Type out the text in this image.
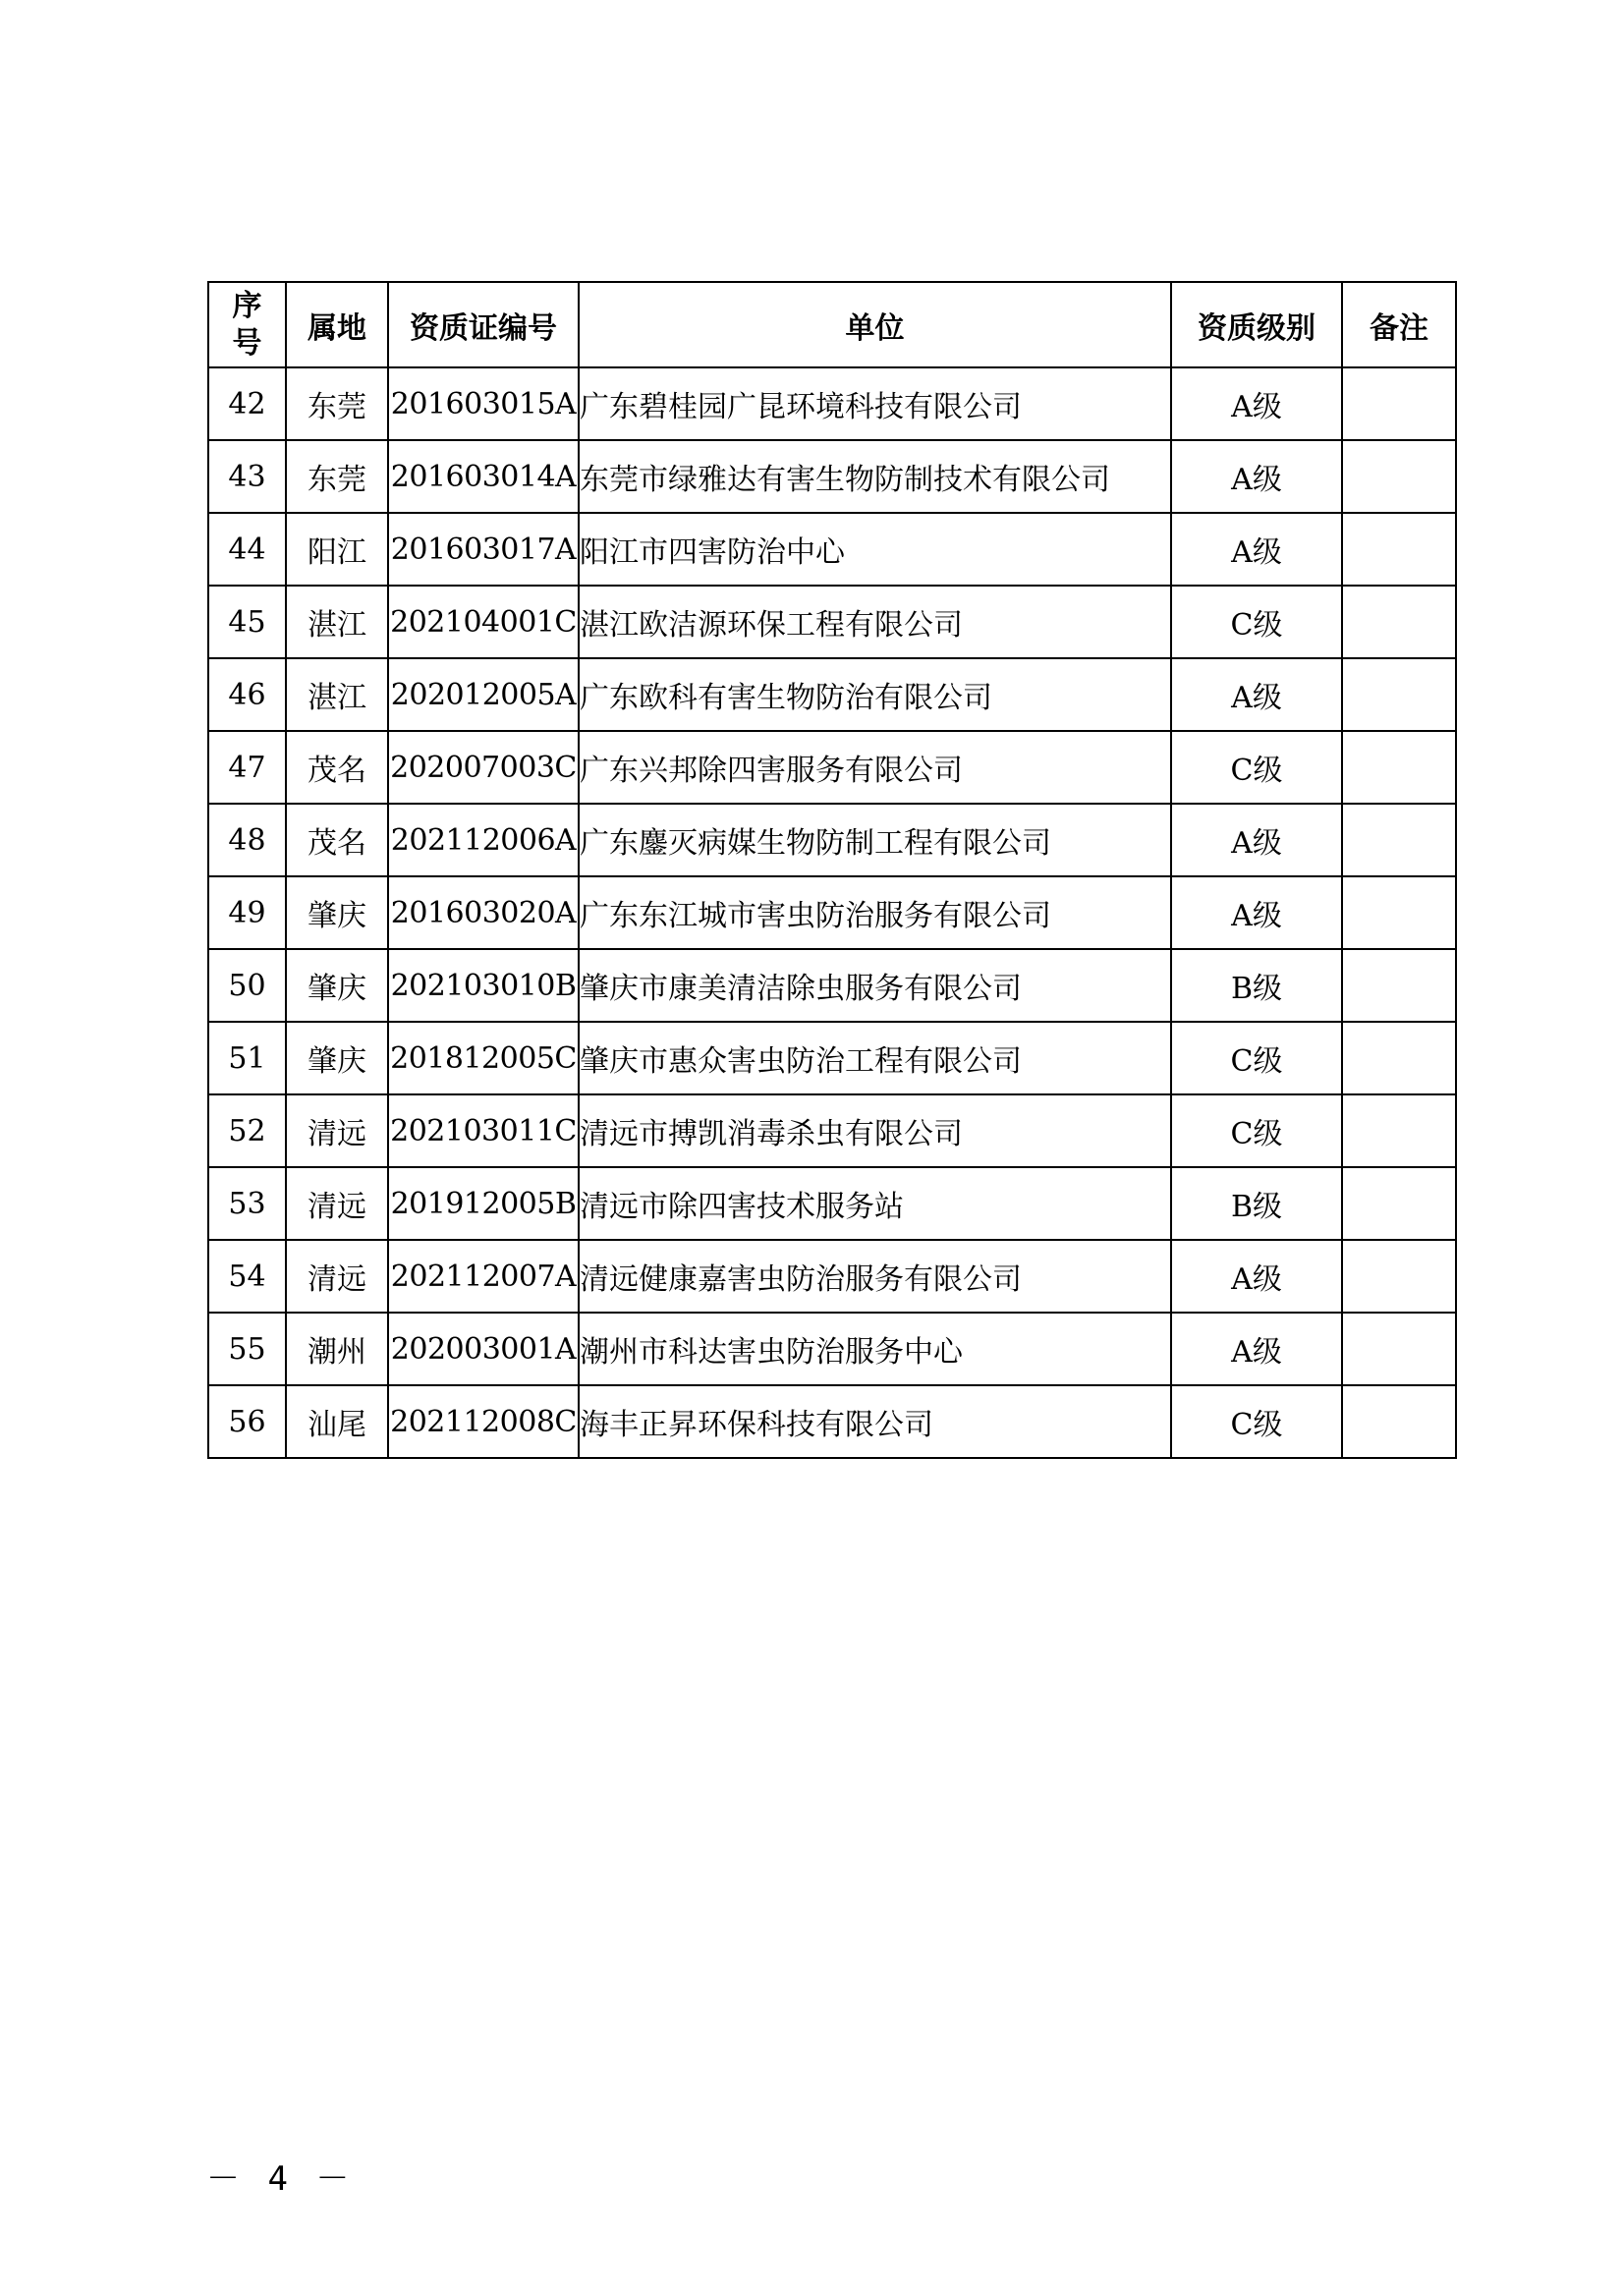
序
号	属地	资质证编号	单位	资质级别	备注
42	东莞	201603015A	广东碧桂园广昆环境科技有限公司	A级	
43	东莞	201603014A	东莞市绿雅达有害生物防制技术有限公司	A级	
44	阳江	201603017A	阳江市四害防治中心	A级	
45	湛江	202104001C	湛江欧洁源环保工程有限公司	C级	
46	湛江	202012005A	广东欧科有害生物防治有限公司	A级	
47	茂名	202007003C	广东兴邦除四害服务有限公司	C级	
48	茂名	202112006A	广东鏖灭病媒生物防制工程有限公司	A级	
49	肇庆	201603020A	广东东江城市害虫防治服务有限公司	A级	
50	肇庆	202103010B	肇庆市康美清洁除虫服务有限公司	B级	
51	肇庆	201812005C	肇庆市惠众害虫防治工程有限公司	C级	
52	清远	202103011C	清远市搏凯消毒杀虫有限公司	C级	
53	清远	201912005B	清远市除四害技术服务站	B级	
54	清远	202112007A	清远健康嘉害虫防治服务有限公司	A级	
55	潮州	202003001A	潮州市科达害虫防治服务中心	A级	
56	汕尾	202112008C	海丰正昇环保科技有限公司	C级	
－ 4 －
